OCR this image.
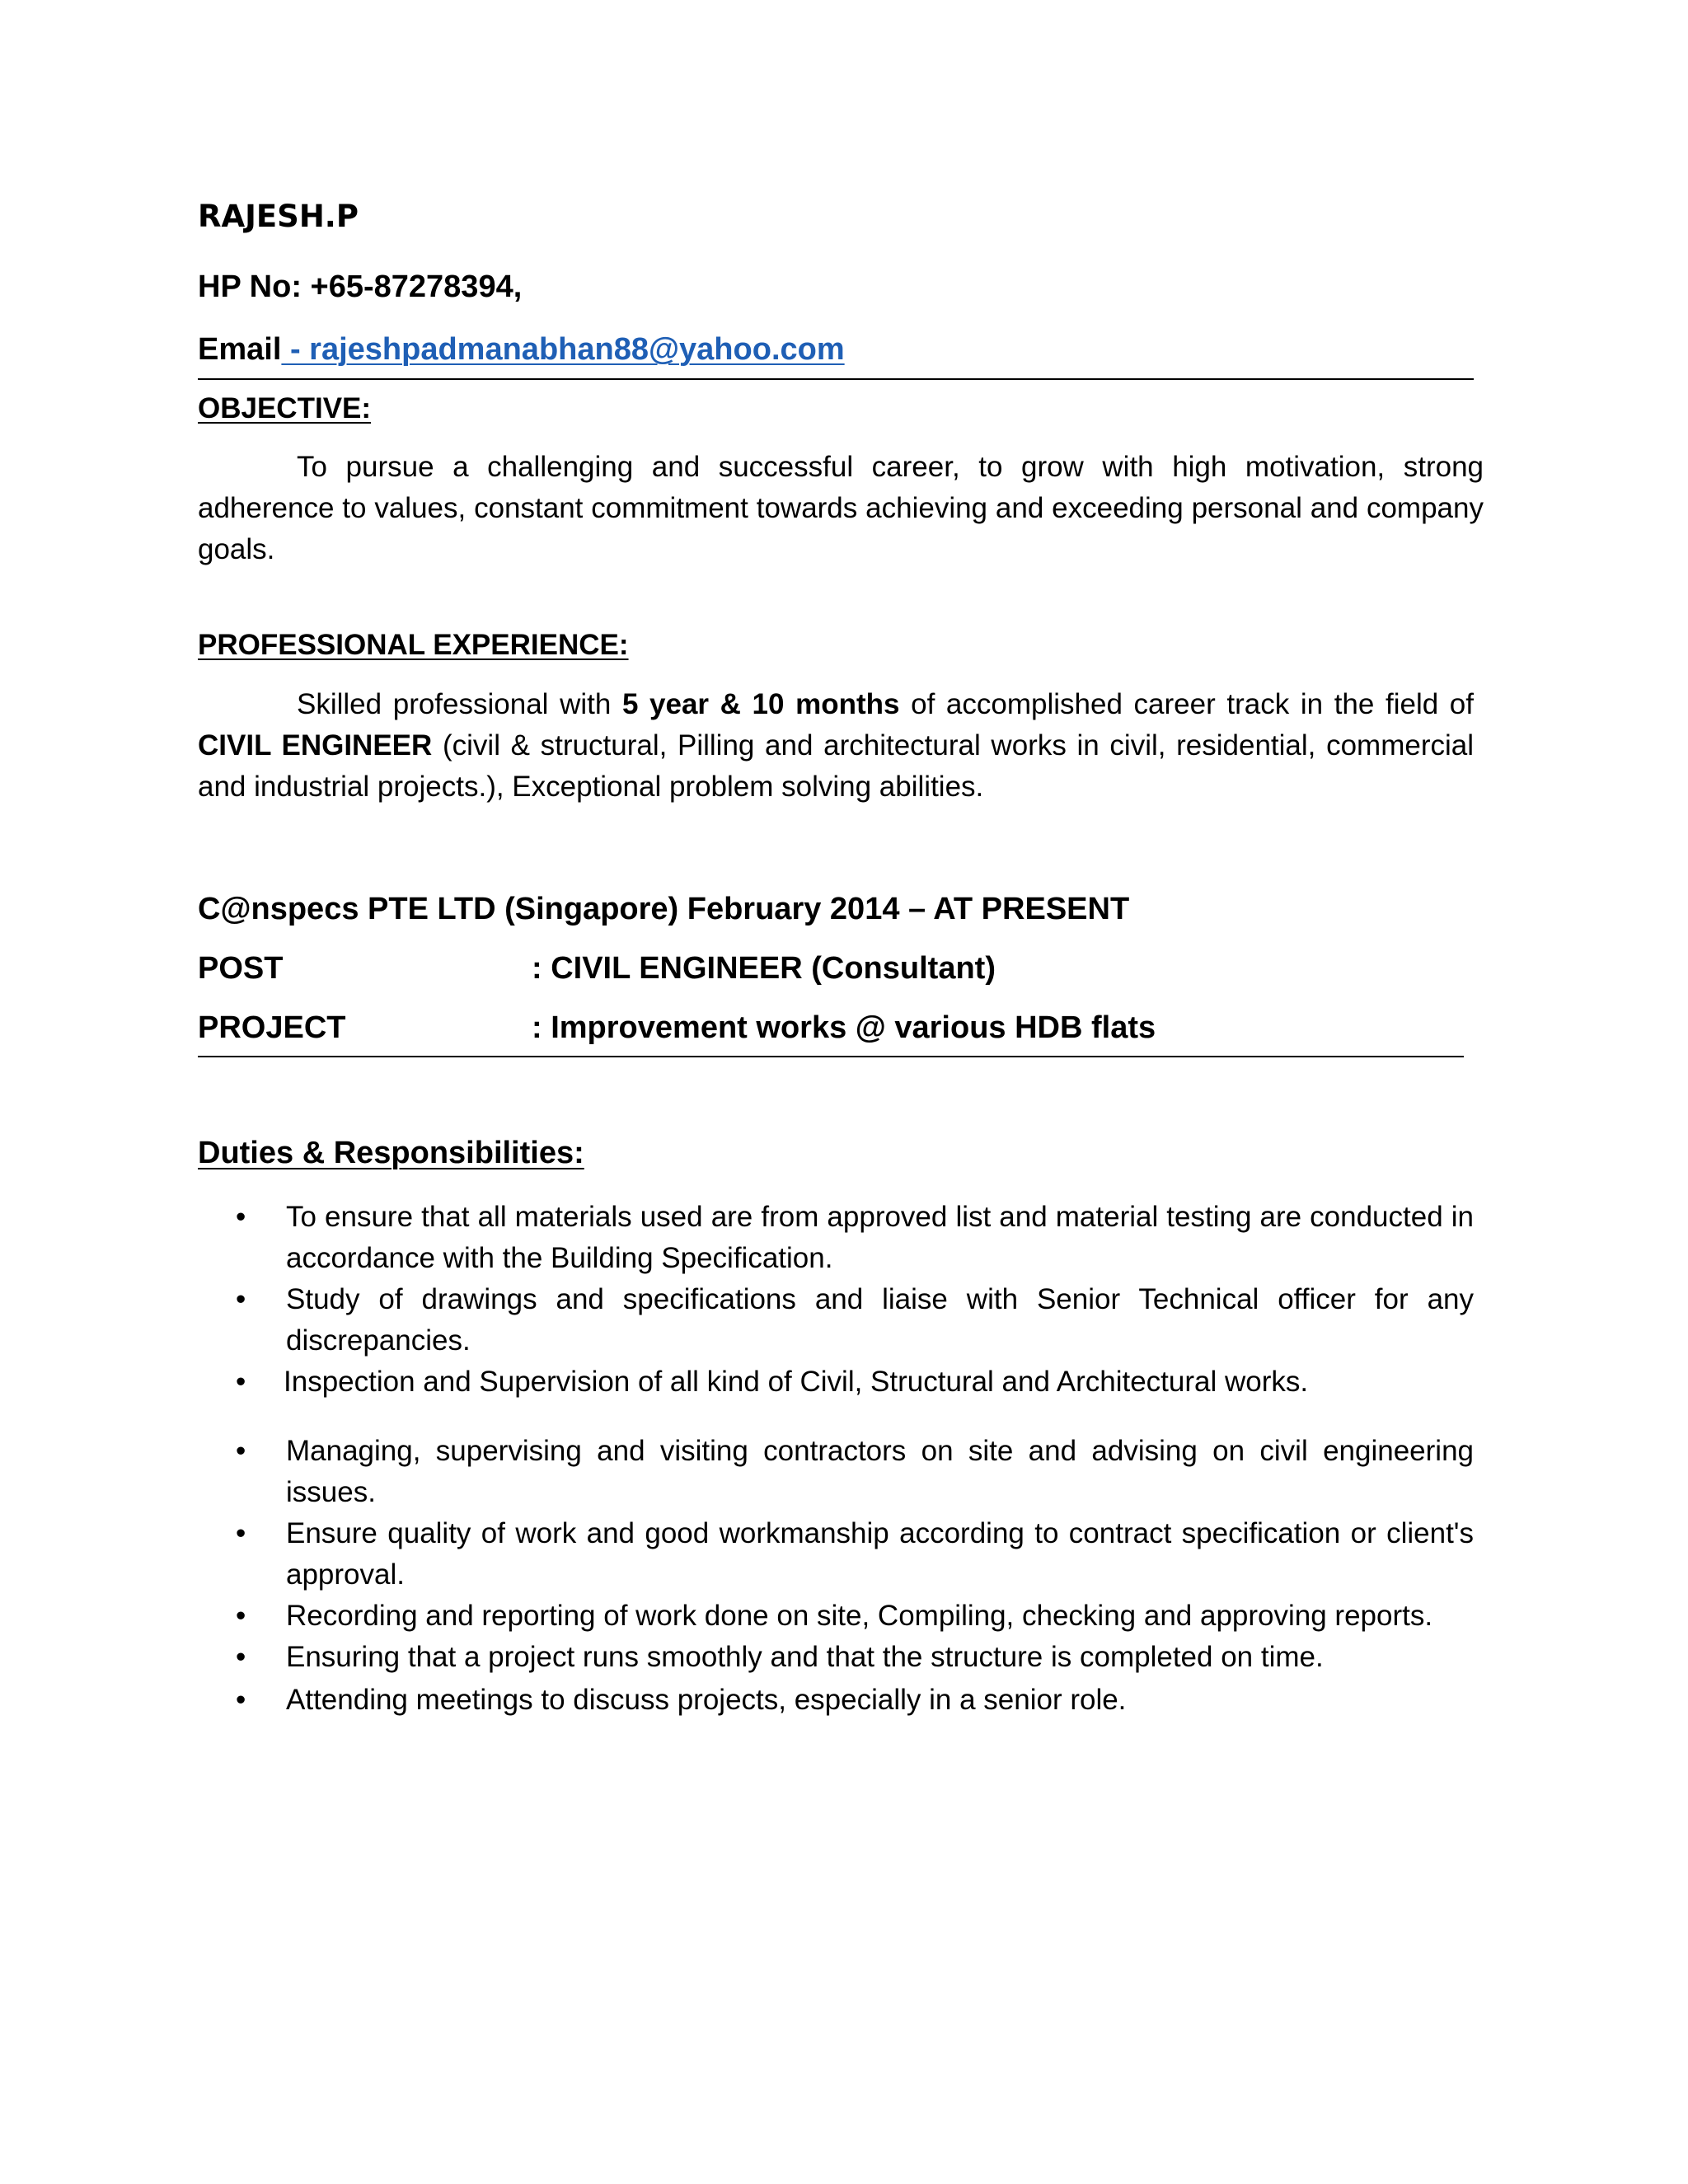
RAJESH.P
HP No: +65-87278394,
Email - rajeshpadmanabhan88@yahoo.com
OBJECTIVE:
To pursue a challenging and successful career, to grow with high motivation, strong adherence to values, constant commitment towards achieving and exceeding personal and company goals.
PROFESSIONAL EXPERIENCE:
Skilled professional with 5 year & 10 months of accomplished career track in the field of CIVIL ENGINEER (civil & structural, Pilling and architectural works in civil, residential, commercial and industrial projects.), Exceptional problem solving abilities.
C@nspecs PTE LTD (Singapore) February 2014 – AT PRESENT
POST	: CIVIL ENGINEER (Consultant)
PROJECT	: Improvement works @ various HDB flats
Duties & Responsibilities:
• To ensure that all materials used are from approved list and material testing are conducted in accordance with the Building Specification.
• Study of drawings and specifications and liaise with Senior Technical officer for any discrepancies.
• Inspection and Supervision of all kind of Civil, Structural and Architectural works.
• Managing, supervising and visiting contractors on site and advising on civil engineering issues.
• Ensure quality of work and good workmanship according to contract specification or client's approval.
• Recording and reporting of work done on site, Compiling, checking and approving reports.
• Ensuring that a project runs smoothly and that the structure is completed on time.
• Attending meetings to discuss projects, especially in a senior role.
